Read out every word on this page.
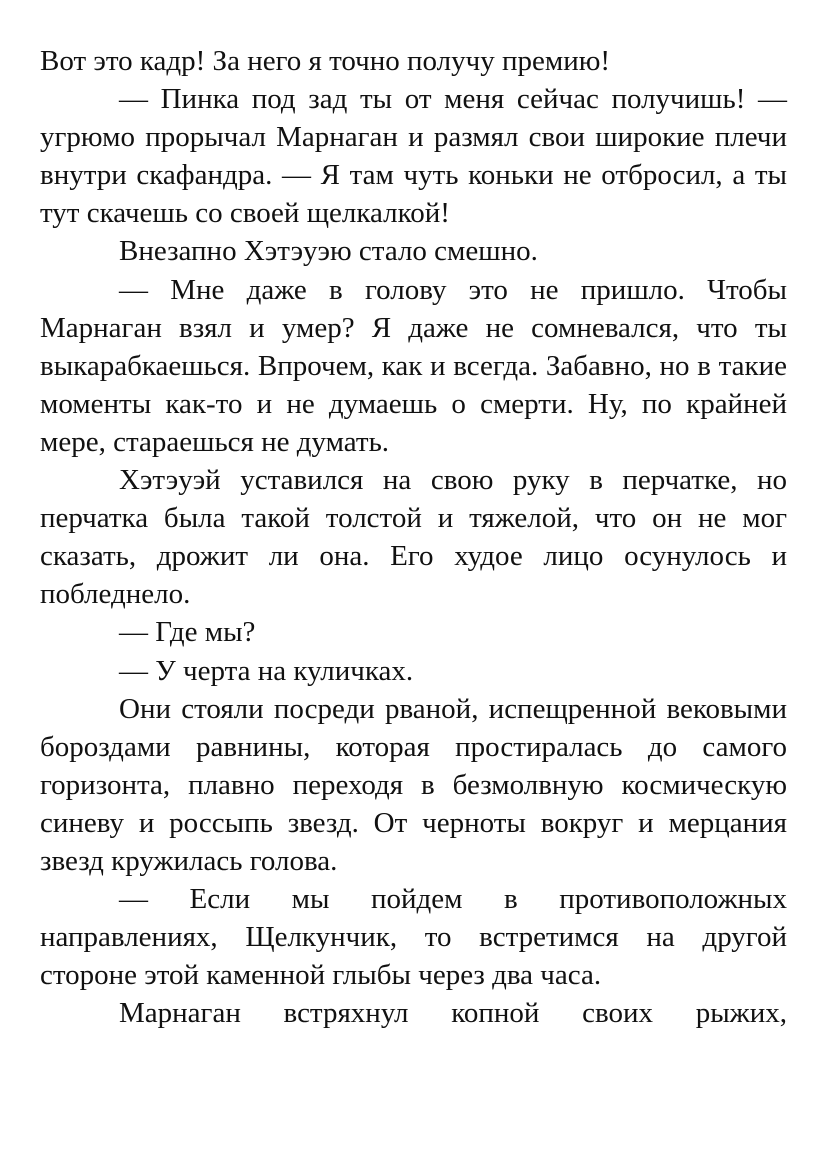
Вот это кадр! За него я точно получу премию!

— Пинка под зад ты от меня сейчас получишь! — угрюмо прорычал Марнаган и размял свои широкие плечи внутри скафандра. — Я там чуть коньки не отбросил, а ты тут скачешь со своей щелкалкой!

Внезапно Хэтэуэю стало смешно.

— Мне даже в голову это не пришло. Чтобы Марнаган взял и умер? Я даже не сомневался, что ты выкарабкаешься. Впрочем, как и всегда. Забавно, но в такие моменты как-то и не думаешь о смерти. Ну, по крайней мере, стараешься не думать.

Хэтэуэй уставился на свою руку в перчатке, но перчатка была такой толстой и тяжелой, что он не мог сказать, дрожит ли она. Его худое лицо осунулось и побледнело.

— Где мы?

— У черта на куличках.

Они стояли посреди рваной, испещренной вековыми бороздами равнины, которая простиралась до самого горизонта, плавно переходя в безмолвную космическую синеву и россыпь звезд. От черноты вокруг и мерцания звезд кружилась голова.

— Если мы пойдем в противоположных направлениях, Щелкунчик, то встретимся на другой стороне этой каменной глыбы через два часа.

Марнаган встряхнул копной своих рыжих,
